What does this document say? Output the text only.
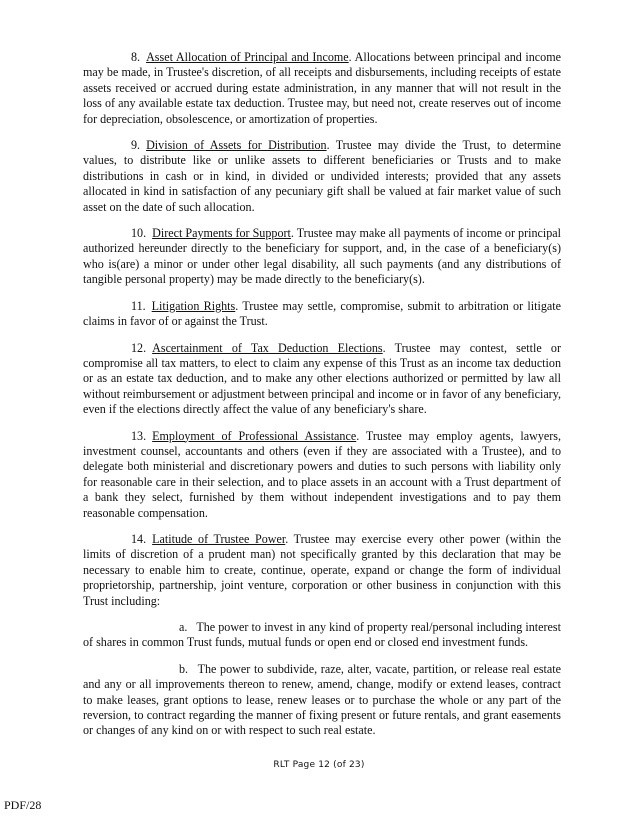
8. Asset Allocation of Principal and Income. Allocations between principal and income may be made, in Trustee's discretion, of all receipts and disbursements, including receipts of estate assets received or accrued during estate administration, in any manner that will not result in the loss of any available estate tax deduction. Trustee may, but need not, create reserves out of income for depreciation, obsolescence, or amortization of properties.

9. Division of Assets for Distribution. Trustee may divide the Trust, to determine values, to distribute like or unlike assets to different beneficiaries or Trusts and to make distributions in cash or in kind, in divided or undivided interests; provided that any assets allocated in kind in satisfaction of any pecuniary gift shall be valued at fair market value of such asset on the date of such allocation.

10. Direct Payments for Support. Trustee may make all payments of income or principal authorized hereunder directly to the beneficiary for support, and, in the case of a beneficiary(s) who is(are) a minor or under other legal disability, all such payments (and any distributions of tangible personal property) may be made directly to the beneficiary(s).

11. Litigation Rights. Trustee may settle, compromise, submit to arbitration or litigate claims in favor of or against the Trust.

12. Ascertainment of Tax Deduction Elections. Trustee may contest, settle or compromise all tax matters, to elect to claim any expense of this Trust as an income tax deduction or as an estate tax deduction, and to make any other elections authorized or permitted by law all without reimbursement or adjustment between principal and income or in favor of any beneficiary, even if the elections directly affect the value of any beneficiary's share.

13. Employment of Professional Assistance. Trustee may employ agents, lawyers, investment counsel, accountants and others (even if they are associated with a Trustee), and to delegate both ministerial and discretionary powers and duties to such persons with liability only for reasonable care in their selection, and to place assets in an account with a Trust department of a bank they select, furnished by them without independent investigations and to pay them reasonable compensation.

14. Latitude of Trustee Power. Trustee may exercise every other power (within the limits of discretion of a prudent man) not specifically granted by this declaration that may be necessary to enable him to create, continue, operate, expand or change the form of individual proprietorship, partnership, joint venture, corporation or other business in conjunction with this Trust including:

a. The power to invest in any kind of property real/personal including interest of shares in common Trust funds, mutual funds or open end or closed end investment funds.

b. The power to subdivide, raze, alter, vacate, partition, or release real estate and any or all improvements thereon to renew, amend, change, modify or extend leases, contract to make leases, grant options to lease, renew leases or to purchase the whole or any part of the reversion, to contract regarding the manner of fixing present or future rentals, and grant easements or changes of any kind on or with respect to such real estate.

RLT Page 12 (of 23)
PDF/28
